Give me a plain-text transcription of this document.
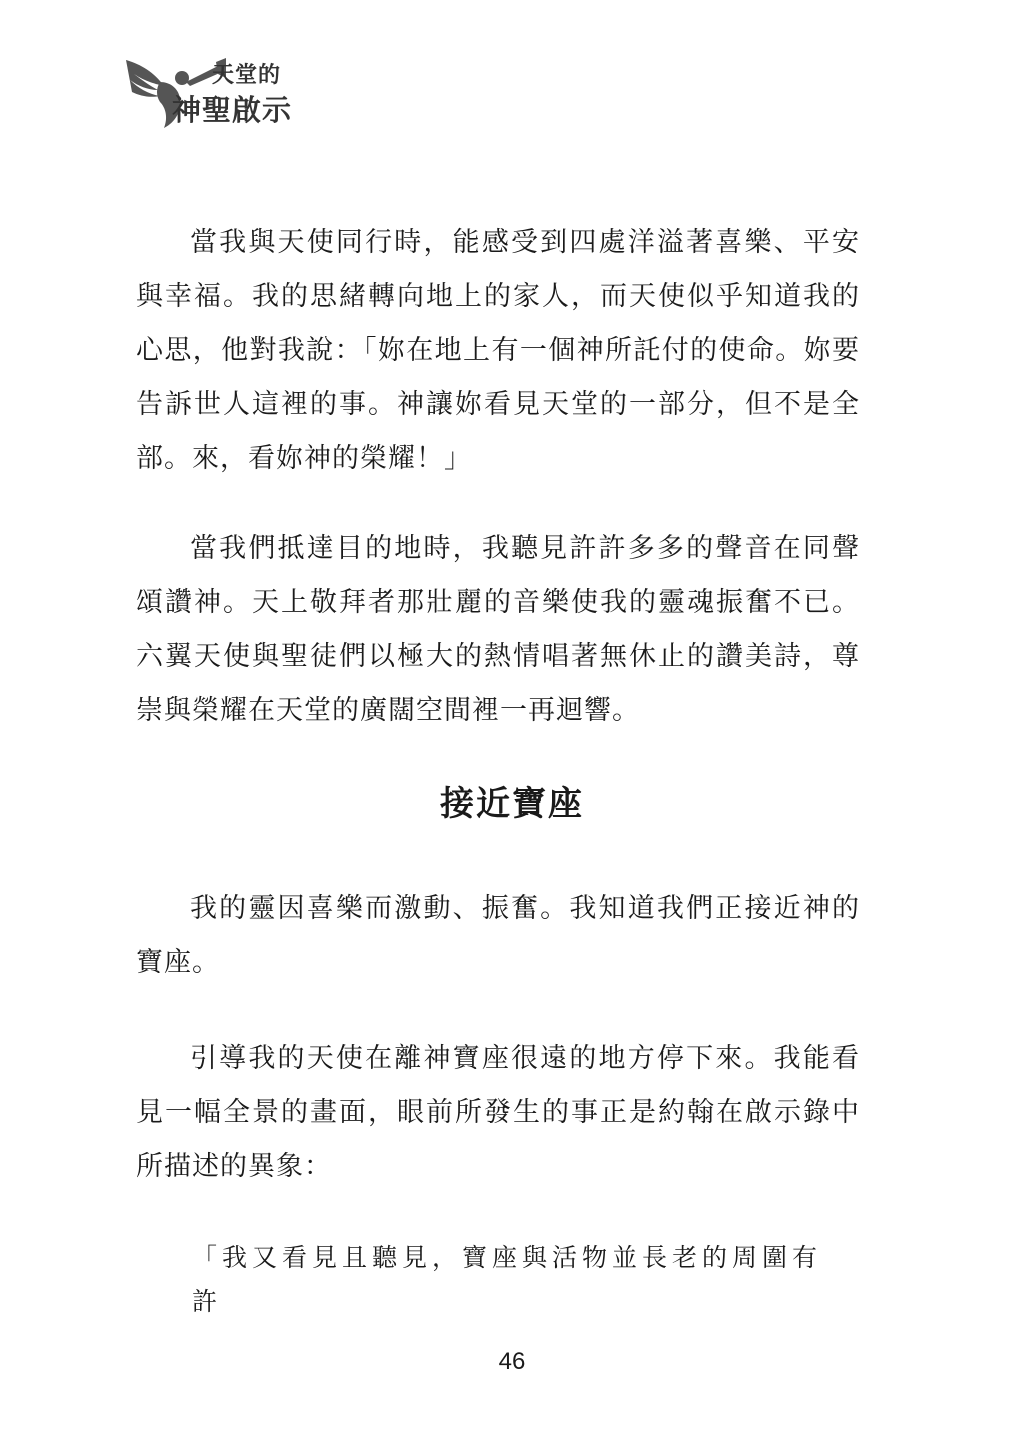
天堂的
神聖啟示

當我與天使同行時，能感受到四處洋溢著喜樂、平安與幸福。我的思緒轉向地上的家人，而天使似乎知道我的心思，他對我說：「妳在地上有一個神所託付的使命。妳要告訴世人這裡的事。神讓妳看見天堂的一部分，但不是全部。來，看妳神的榮耀！」

當我們抵達目的地時，我聽見許許多多的聲音在同聲頌讚神。天上敬拜者那壯麗的音樂使我的靈魂振奮不已。六翼天使與聖徒們以極大的熱情唱著無休止的讚美詩，尊崇與榮耀在天堂的廣闊空間裡一再迴響。

接近寶座

我的靈因喜樂而激動、振奮。我知道我們正接近神的寶座。

引導我的天使在離神寶座很遠的地方停下來。我能看見一幅全景的畫面，眼前所發生的事正是約翰在啟示錄中所描述的異象：

「我又看見且聽見，寶座與活物並長老的周圍有許
46
